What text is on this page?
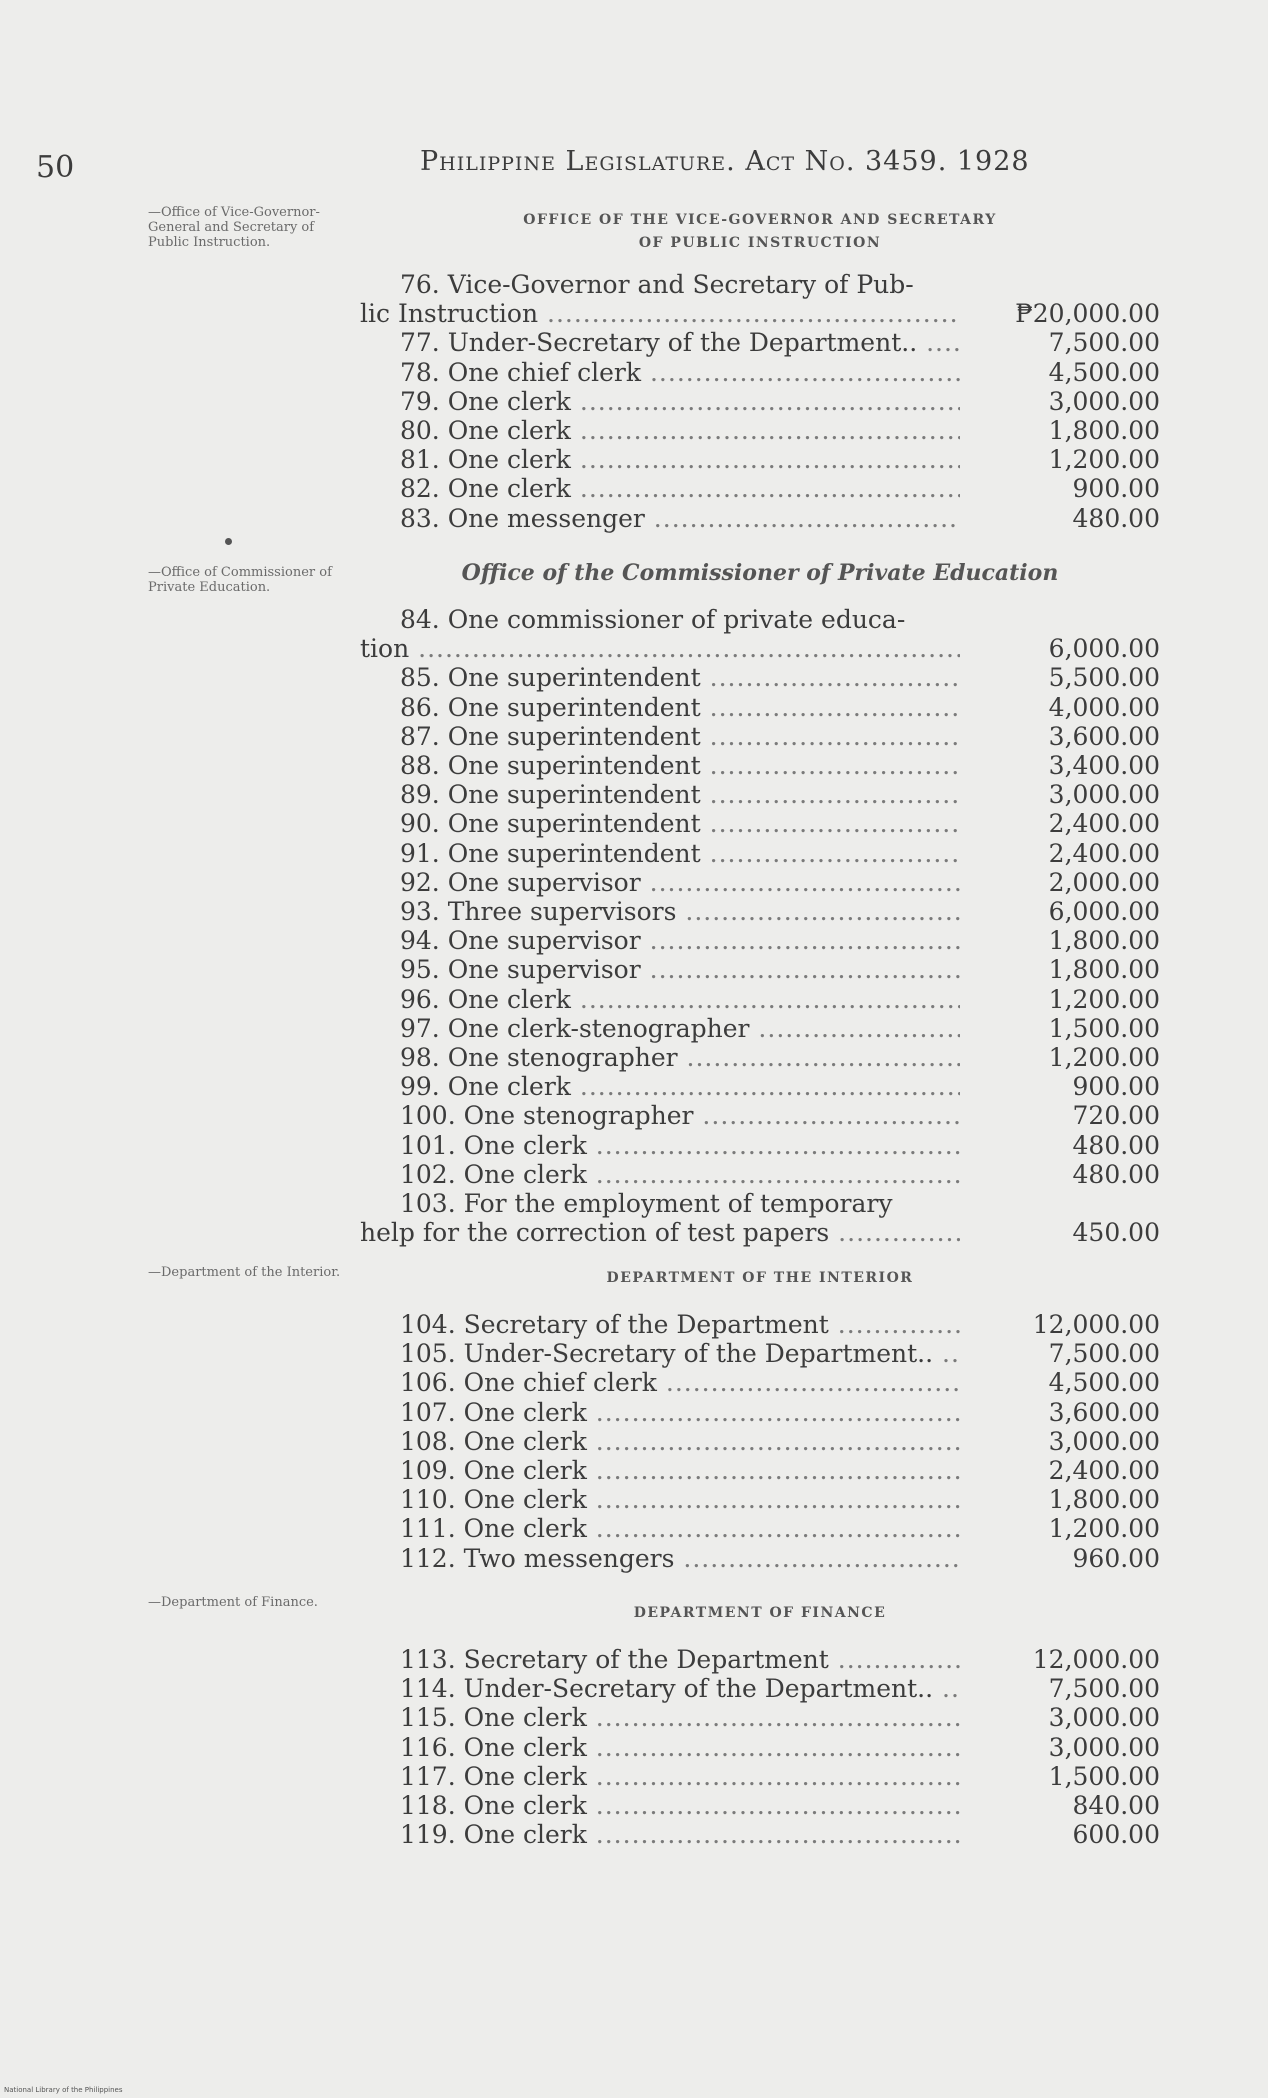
50	Philippine Legislature. Act No. 3459. 1928
—Office of Vice-Governor-General and Secretary of Public Instruction.
OFFICE OF THE VICE-GOVERNOR AND SECRETARY
OF PUBLIC INSTRUCTION
76. Vice-Governor and Secretary of Pub-
lic Instruction .....	₱20,000.00
77. Under-Secretary of the Department.. .....	7,500.00
78. One chief clerk .....	4,500.00
79. One clerk .....	3,000.00
80. One clerk .....	1,800.00
81. One clerk .....	1,200.00
82. One clerk .....	900.00
83. One messenger .....	480.00
—Office of Commissioner of Private Education.
Office of the Commissioner of Private Education
84. One commissioner of private educa-
tion .....	6,000.00
85. One superintendent .....	5,500.00
86. One superintendent .....	4,000.00
87. One superintendent .....	3,600.00
88. One superintendent .....	3,400.00
89. One superintendent .....	3,000.00
90. One superintendent .....	2,400.00
91. One superintendent .....	2,400.00
92. One supervisor .....	2,000.00
93. Three supervisors .....	6,000.00
94. One supervisor .....	1,800.00
95. One supervisor .....	1,800.00
96. One clerk .....	1,200.00
97. One clerk-stenographer .....	1,500.00
98. One stenographer .....	1,200.00
99. One clerk .....	900.00
100. One stenographer .....	720.00
101. One clerk .....	480.00
102. One clerk .....	480.00
103. For the employment of temporary
help for the correction of test papers .....	450.00
—Department of the Interior.	DEPARTMENT OF THE INTERIOR
104. Secretary of the Department .....	12,000.00
105. Under-Secretary of the Department.. .....	7,500.00
106. One chief clerk .....	4,500.00
107. One clerk .....	3,600.00
108. One clerk .....	3,000.00
109. One clerk .....	2,400.00
110. One clerk .....	1,800.00
111. One clerk .....	1,200.00
112. Two messengers .....	960.00
—Department of Finance.
DEPARTMENT OF FINANCE
113. Secretary of the Department .....	12,000.00
114. Under-Secretary of the Department.. .....	7,500.00
115. One clerk .....	3,000.00
116. One clerk .....	3,000.00
117. One clerk .....	1,500.00
118. One clerk .....	840.00
119. One clerk .....	600.00
National Library of the Philippines
